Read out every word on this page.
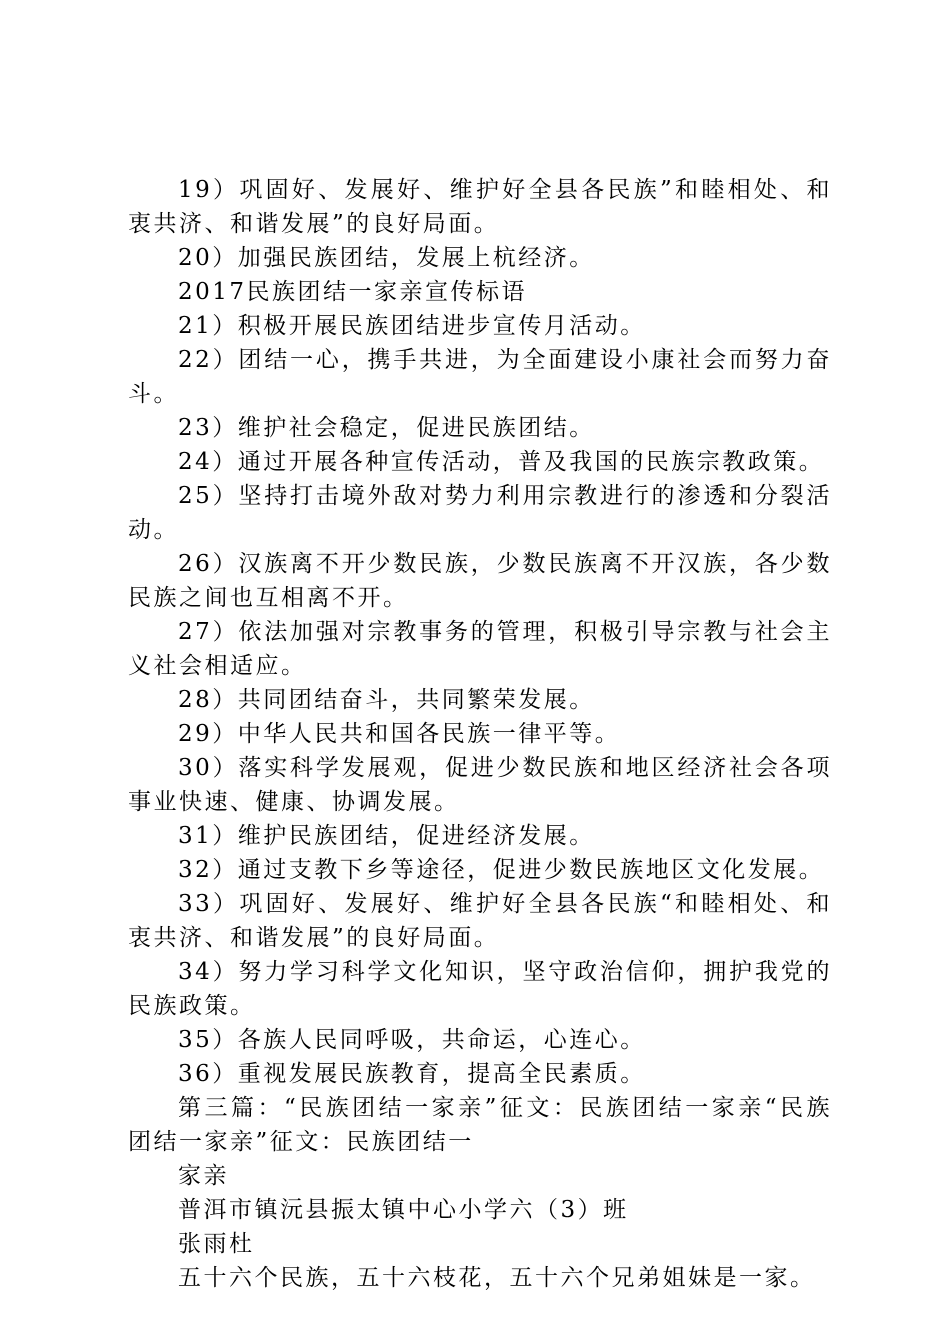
19）巩固好、发展好、维护好全县各民族”和睦相处、和衷共济、和谐发展”的良好局面。

20）加强民族团结，发展上杭经济。

2017民族团结一家亲宣传标语

21）积极开展民族团结进步宣传月活动。

22）团结一心，携手共进，为全面建设小康社会而努力奋斗。

23）维护社会稳定，促进民族团结。

24）通过开展各种宣传活动，普及我国的民族宗教政策。

25）坚持打击境外敌对势力利用宗教进行的渗透和分裂活动。

26）汉族离不开少数民族，少数民族离不开汉族，各少数民族之间也互相离不开。

27）依法加强对宗教事务的管理，积极引导宗教与社会主义社会相适应。

28）共同团结奋斗，共同繁荣发展。

29）中华人民共和国各民族一律平等。

30）落实科学发展观，促进少数民族和地区经济社会各项事业快速、健康、协调发展。

31）维护民族团结，促进经济发展。

32）通过支教下乡等途径，促进少数民族地区文化发展。

33）巩固好、发展好、维护好全县各民族“和睦相处、和衷共济、和谐发展”的良好局面。

34）努力学习科学文化知识，坚守政治信仰，拥护我党的民族政策。

35）各族人民同呼吸，共命运，心连心。

36）重视发展民族教育，提高全民素质。

第三篇：“民族团结一家亲”征文：民族团结一家亲“民族团结一家亲”征文：民族团结一

家亲

普洱市镇沅县振太镇中心小学六（3）班

张雨杜

五十六个民族，五十六枝花，五十六个兄弟姐妹是一家。
